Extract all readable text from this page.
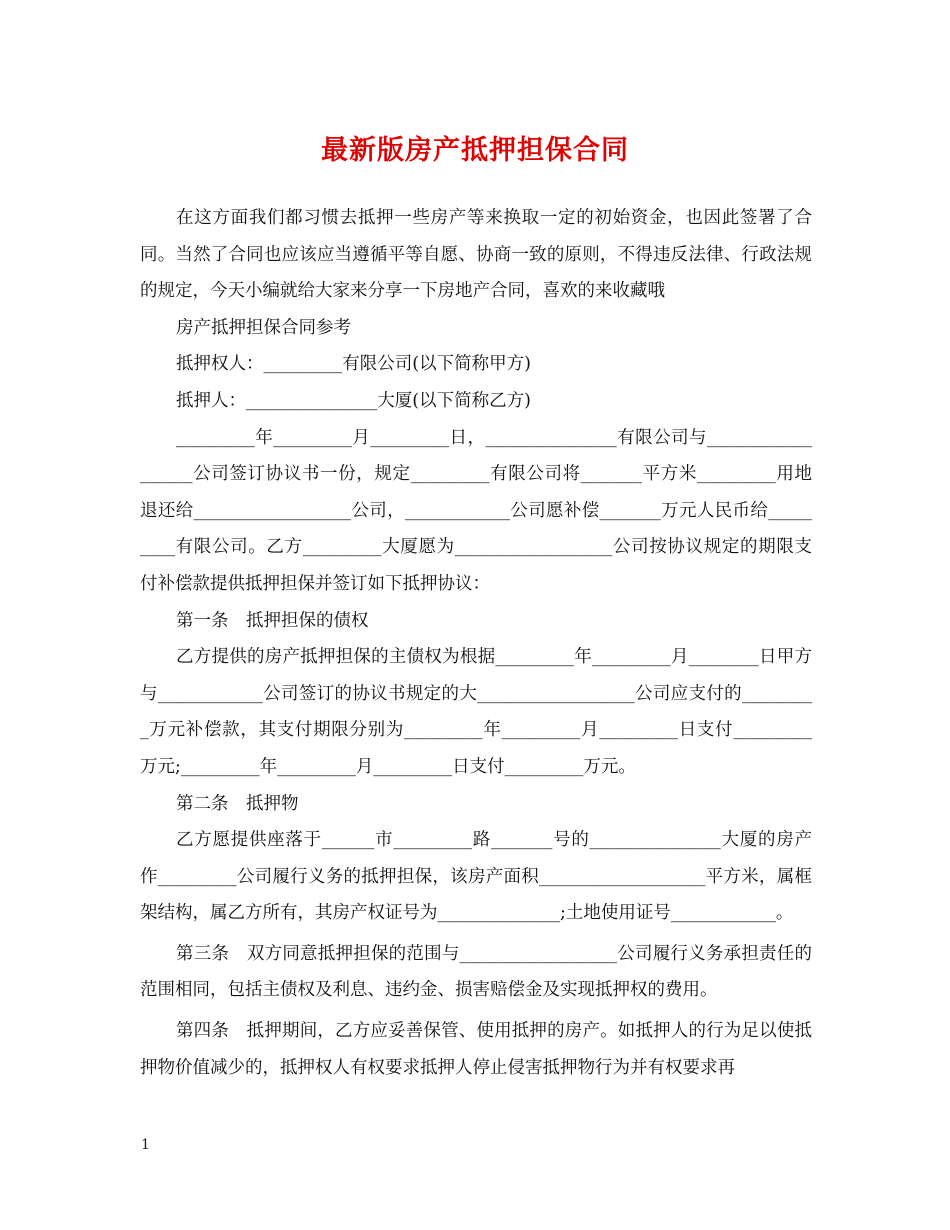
最新版房产抵押担保合同

在这方面我们都习惯去抵押一些房产等来换取一定的初始资金，也因此签署了合同。当然了合同也应该应当遵循平等自愿、协商一致的原则，不得违反法律、行政法规的规定，今天小编就给大家来分享一下房地产合同，喜欢的来收藏哦

房产抵押担保合同参考

抵押权人：_________有限公司(以下简称甲方)

抵押人：_______________大厦(以下简称乙方)

_________年_________月_________日，_______________有限公司与__________________公司签订协议书一份，规定_________有限公司将_______平方米_________用地退还给__________________公司，____________公司愿补偿_______万元人民币给_________有限公司。乙方_________大厦愿为__________________公司按协议规定的期限支付补偿款提供抵押担保并签订如下抵押协议：

第一条　抵押担保的债权

乙方提供的房产抵押担保的主债权为根据_________年_________月________日甲方与____________公司签订的协议书规定的大__________________公司应支付的_________万元补偿款，其支付期限分别为_________年_________月_________日支付_________万元;_________年_________月_________日支付_________万元。

第二条　抵押物

乙方愿提供座落于______市_________路_______号的_______________大厦的房产作_________公司履行义务的抵押担保，该房产面积___________________平方米，属框架结构，属乙方所有，其房产权证号为______________;土地使用证号____________。

第三条　双方同意抵押担保的范围与__________________公司履行义务承担责任的范围相同，包括主债权及利息、违约金、损害赔偿金及实现抵押权的费用。

第四条　抵押期间，乙方应妥善保管、使用抵押的房产。如抵押人的行为足以使抵押物价值减少的，抵押权人有权要求抵押人停止侵害抵押物行为并有权要求再

1
